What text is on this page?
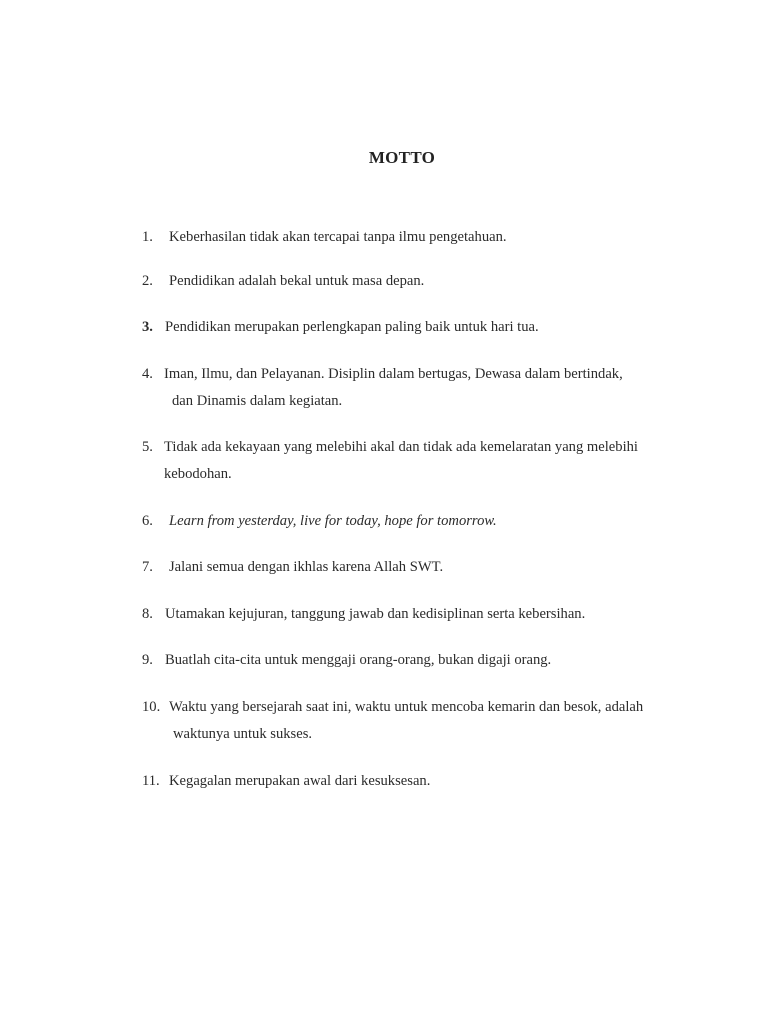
MOTTO
1. Keberhasilan tidak akan tercapai tanpa ilmu pengetahuan.
2. Pendidikan adalah bekal untuk masa depan.
3. Pendidikan merupakan perlengkapan paling baik untuk hari tua.
4. Iman, Ilmu, dan Pelayanan. Disiplin dalam bertugas, Dewasa dalam bertindak,
dan Dinamis dalam kegiatan.
5. Tidak ada kekayaan yang melebihi akal dan tidak ada kemelaratan yang melebihi
kebodohan.
6. Learn from yesterday, live for today, hope for tomorrow.
7. Jalani semua dengan ikhlas karena Allah SWT.
8. Utamakan kejujuran, tanggung jawab dan kedisiplinan serta kebersihan.
9. Buatlah cita-cita untuk menggaji orang-orang, bukan digaji orang.
10. Waktu yang bersejarah saat ini, waktu untuk mencoba kemarin dan besok, adalah
waktunya untuk sukses.
11. Kegagalan merupakan awal dari kesuksesan.
